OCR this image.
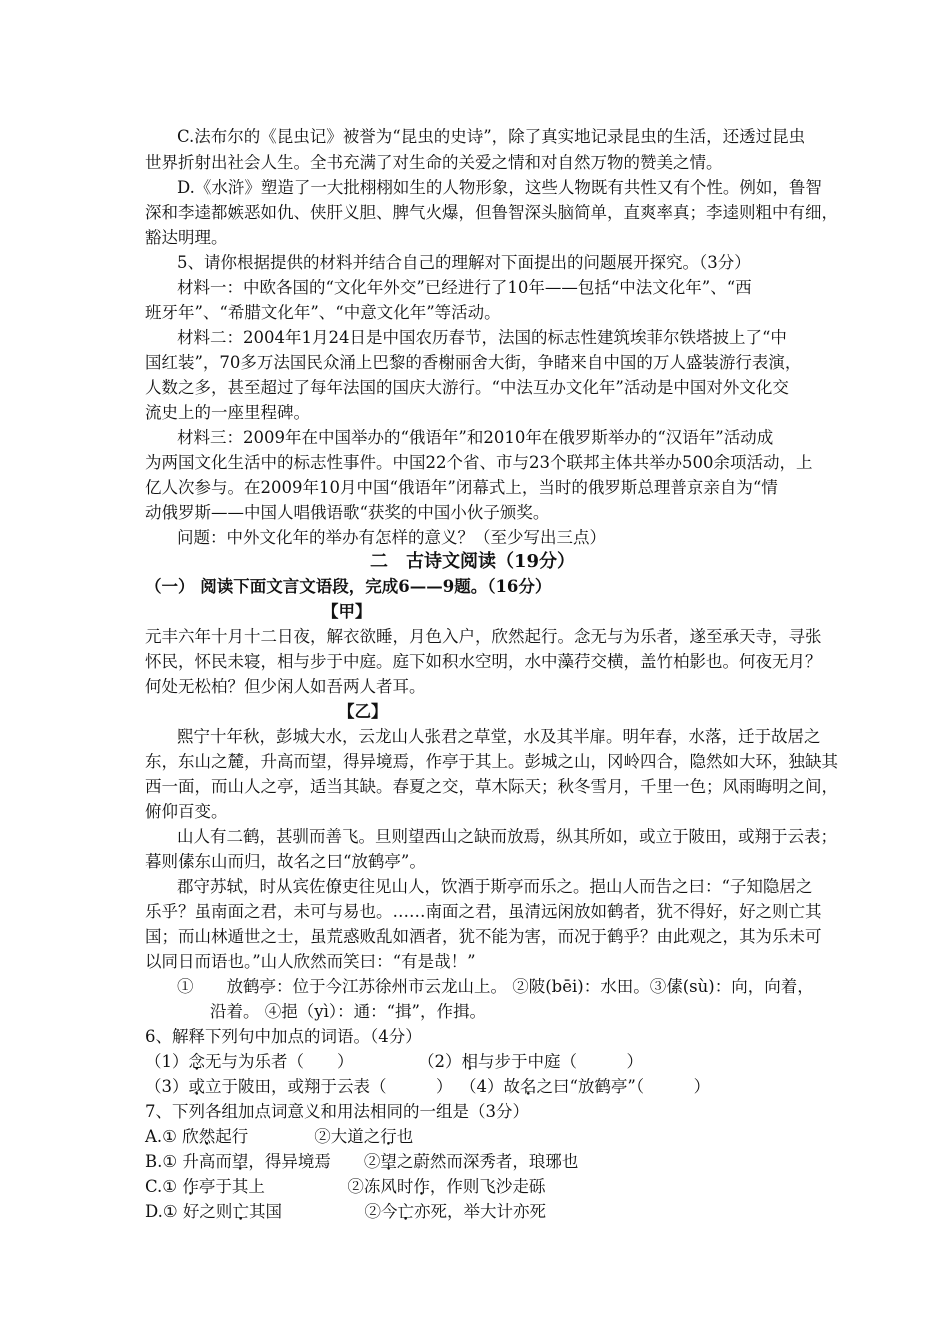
C.法布尔的《昆虫记》被誉为“昆虫的史诗”，除了真实地记录昆虫的生活，还透过昆虫
世界折射出社会人生。全书充满了对生命的关爱之情和对自然万物的赞美之情。
D.《水浒》塑造了一大批栩栩如生的人物形象，这些人物既有共性又有个性。例如，鲁智
深和李逵都嫉恶如仇、侠肝义胆、脾气火爆，但鲁智深头脑简单，直爽率真；李逵则粗中有细，
豁达明理。
5、请你根据提供的材料并结合自己的理解对下面提出的问题展开探究。（3分）
材料一：中欧各国的“文化年外交”已经进行了10年——包括“中法文化年”、“西
班牙年”、“希腊文化年”、“中意文化年”等活动。
材料二：2004年1月24日是中国农历春节，法国的标志性建筑埃菲尔铁塔披上了“中
国红装”，70多万法国民众涌上巴黎的香榭丽舍大街，争睹来自中国的万人盛装游行表演，
人数之多，甚至超过了每年法国的国庆大游行。“中法互办文化年”活动是中国对外文化交
流史上的一座里程碑。
材料三：2009年在中国举办的“俄语年”和2010年在俄罗斯举办的“汉语年”活动成
为两国文化生活中的标志性事件。中国22个省、市与23个联邦主体共举办500余项活动，上
亿人次参与。在2009年10月中国“俄语年”闭幕式上，当时的俄罗斯总理普京亲自为“情
动俄罗斯——中国人唱俄语歌“获奖的中国小伙子颁奖。
问题：中外文化年的举办有怎样的意义？（至少写出三点）
二　古诗文阅读（19分）
（一） 阅读下面文言文语段，完成6——9题。（16分）
【甲】
元丰六年十月十二日夜，解衣欲睡，月色入户，欣然起行。念无与为乐者，遂至承天寺，寻张
怀民，怀民未寝，相与步于中庭。庭下如积水空明，水中藻荇交横，盖竹柏影也。何夜无月？
何处无松柏？但少闲人如吾两人者耳。
【乙】
熙宁十年秋，彭城大水，云龙山人张君之草堂，水及其半扉。明年春，水落，迁于故居之
东，东山之麓，升高而望，得异境焉，作亭于其上。彭城之山，冈岭四合，隐然如大环，独缺其
西一面，而山人之亭，适当其缺。春夏之交，草木际天；秋冬雪月，千里一色；风雨晦明之间，
俯仰百变。
山人有二鹤，甚驯而善飞。旦则望西山之缺而放焉，纵其所如，或立于陂田，或翔于云表；
暮则傃东山而归，故名之曰“放鹤亭”。
郡守苏轼，时从宾佐僚吏往见山人，饮酒于斯亭而乐之。挹山人而告之曰：“子知隐居之
乐乎？虽南面之君，未可与易也。……南面之君，虽清远闲放如鹤者，犹不得好，好之则亡其
国；而山林遁世之士，虽荒惑败乱如酒者，犹不能为害，而况于鹤乎？由此观之，其为乐未可
以同日而语也。”山人欣然而笑曰：“有是哉！”
①　　放鹤亭：位于今江苏徐州市云龙山上。 ②陂(bēi)：水田。③傃(sù)：向，向着，
沿着。 ④挹（yì）：通：“揖”，作揖。
6、解释下列句中加点的词语。（4分）
（1）念无与为乐者（　　）	（2）相与步于中庭（　　　）
（3）或立于陂田，或翔于云表（　　　） （4）故名之曰“放鹤亭”（　　　）
7、下列各组加点词意义和用法相同的一组是（3分）
A.① 欣然起行　　　　②大道之行也
B.① 升高而望，得异境焉　　②望之蔚然而深秀者，琅琊也
C.① 作亭于其上　　　　　②冻风时作，作则飞沙走砾
D.① 好之则亡其国　　　　　②今亡亦死，举大计亦死
